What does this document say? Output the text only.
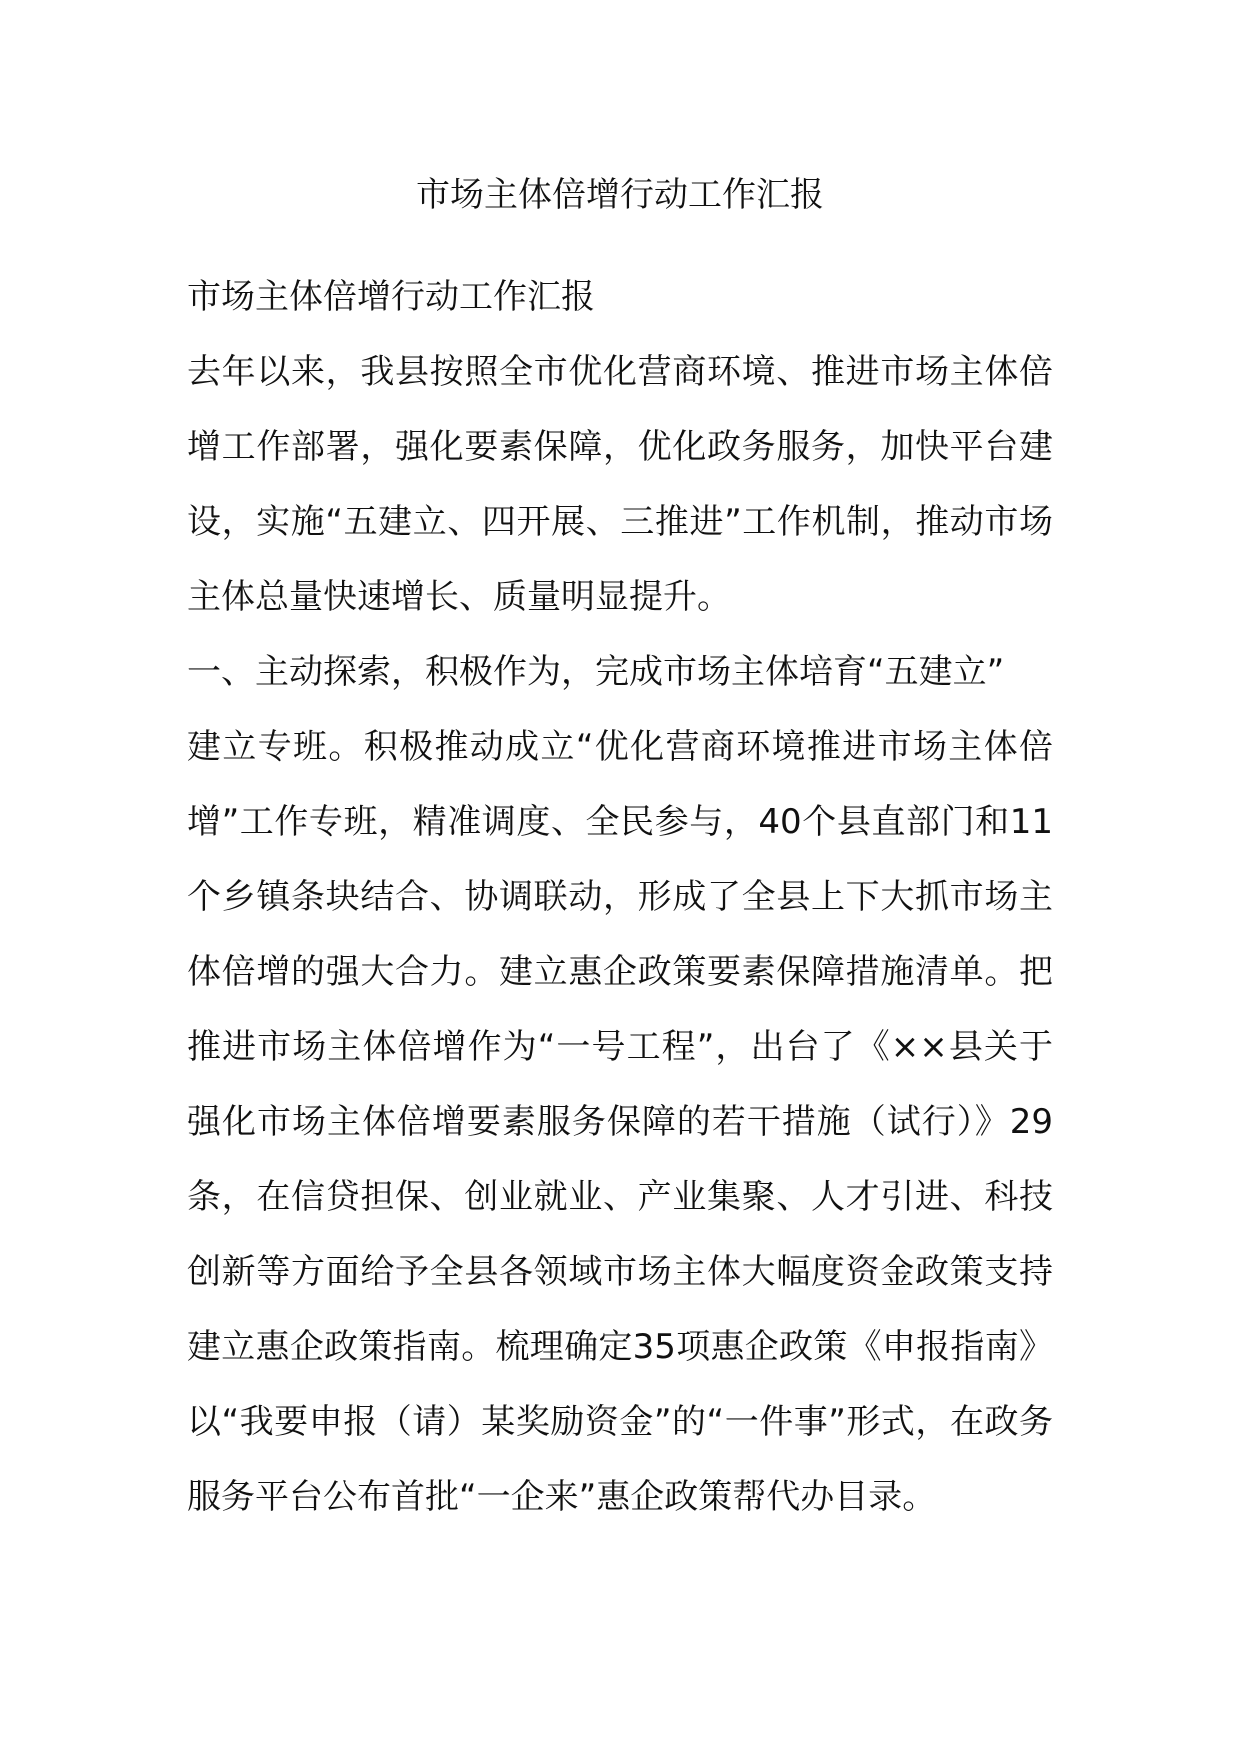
市场主体倍增行动工作汇报

市场主体倍增行动工作汇报

去年以来，我县按照全市优化营商环境、推进市场主体倍增工作部署，强化要素保障，优化政务服务，加快平台建设，实施“五建立、四开展、三推进”工作机制，推动市场主体总量快速增长、质量明显提升。

一、主动探索，积极作为，完成市场主体培育“五建立”

建立专班。积极推动成立“优化营商环境推进市场主体倍增”工作专班，精准调度、全民参与，40个县直部门和11个乡镇条块结合、协调联动，形成了全县上下大抓市场主体倍增的强大合力。建立惠企政策要素保障措施清单。把推进市场主体倍增作为“一号工程”，出台了《××县关于强化市场主体倍增要素服务保障的若干措施（试行）》29条，在信贷担保、创业就业、产业集聚、人才引进、科技创新等方面给予全县各领域市场主体大幅度资金政策支持建立惠企政策指南。梳理确定35项惠企政策《申报指南》以“我要申报（请）某奖励资金”的“一件事”形式，在政务服务平台公布首批“一企来”惠企政策帮代办目录。
